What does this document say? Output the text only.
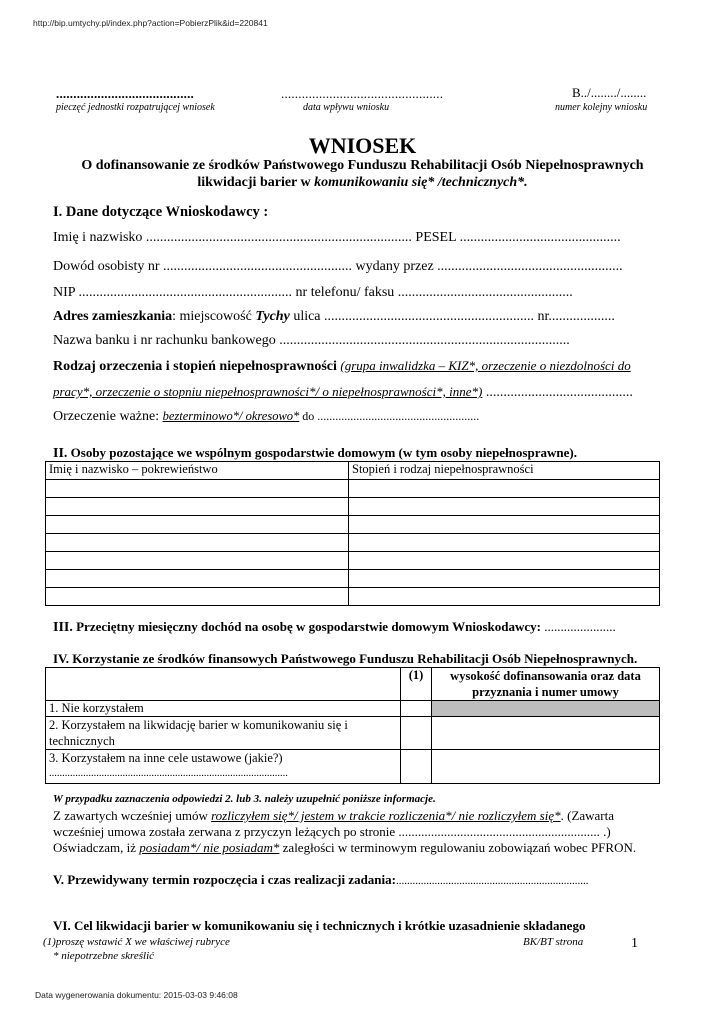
http://bip.umtychy.pl/index.php?action=PobierzPlik&id=220841
........................................
pieczęć jednostki rozpatrującej wniosek
...............................................
data wpływu wniosku
B../......../........
numer kolejny wniosku
WNIOSEK
O dofinansowanie ze środków Państwowego Funduszu Rehabilitacji Osób Niepełnosprawnych
likwidacji barier w komunikowaniu się* /technicznych*.
I. Dane dotyczące Wnioskodawcy :
Imię i nazwisko ............................................................................ PESEL ..............................................
Dowód osobisty nr ...................................................... wydany przez .....................................................
NIP ............................................................. nr telefonu/ faksu ..................................................
Adres zamieszkania: miejscowość Tychy ulica ............................................................ nr...................
Nazwa banku i nr rachunku bankowego ...................................................................................
Rodzaj orzeczenia i stopień niepełnosprawności (grupa inwalidzka – KIZ*, orzeczenie o niezdolności do
pracy*, orzeczenie o stopniu niepełnosprawności*/ o niepełnosprawności*, inne*) ..........................................
Orzeczenie ważne: bezterminowo*/ okresowo* do ......................................................
II. Osoby pozostające we wspólnym gospodarstwie domowym (w tym osoby niepełnosprawne).
Imię i nazwisko – pokrewieństwo	Stopień i rodzaj niepełnosprawności

III. Przeciętny miesięczny dochód na osobę w gospodarstwie domowym Wnioskodawcy: ......................
IV. Korzystanie ze środków finansowych Państwowego Funduszu Rehabilitacji Osób Niepełnosprawnych.
	(1)	wysokość dofinansowania oraz data
przyznania i numer umowy

1. Nie korzystałem		

2. Korzystałem na likwidację barier w komunikowaniu się i
technicznych		

3. Korzystałem na inne cele ustawowe (jakie?)
...........................................................................................		

W przypadku zaznaczenia odpowiedzi 2. lub 3. należy uzupełnić poniższe informacje.
Z zawartych wcześniej umów rozliczyłem się*/ jestem w trakcie rozliczenia*/ nie rozliczyłem się*. (Zawarta
wcześniej umowa została zerwana z przyczyn leżących po stronie .............................................................. .)
Oświadczam, iż posiadam*/ nie posiadam* zaległości w terminowym regulowaniu zobowiązań wobec PFRON.
V. Przewidywany termin rozpoczęcia i czas realizacji zadania:......................................................................
VI. Cel likwidacji barier w komunikowaniu się i technicznych i krótkie uzasadnienie składanego
(1)proszę wstawić X we właściwej rubryce	BK/BT strona	1
* niepotrzebne skreślić
Data wygenerowania dokumentu: 2015-03-03 9:46:08
